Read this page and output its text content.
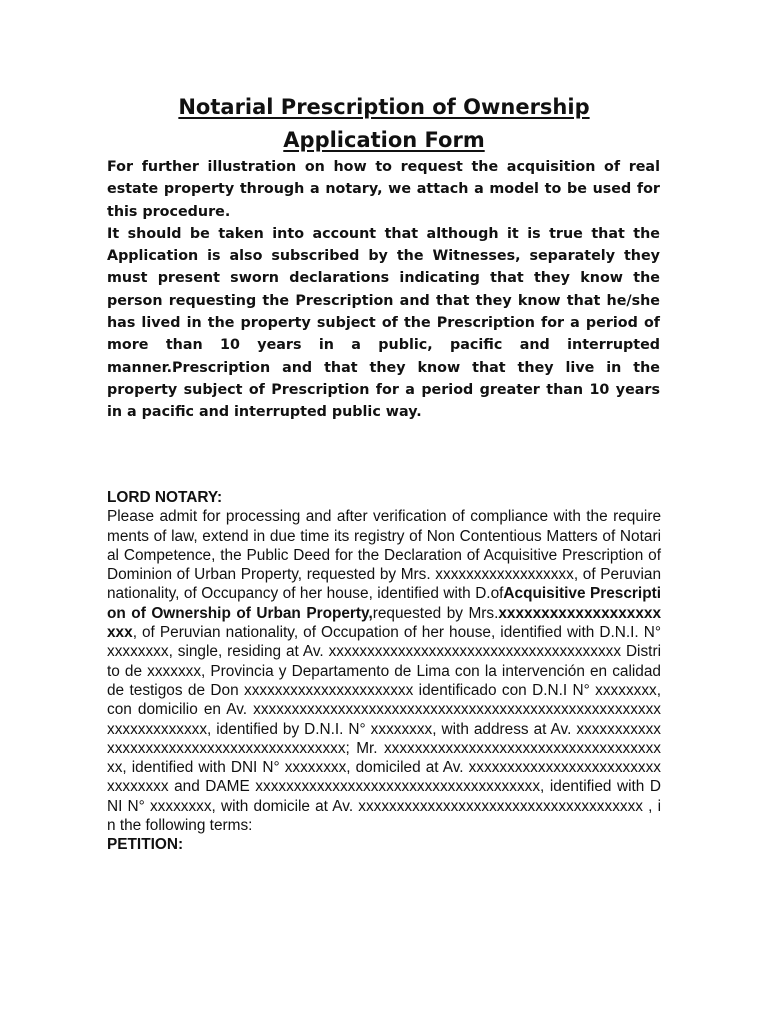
Notarial Prescription of Ownership
Application Form

For further illustration on how to request the acquisition of real estate property through a notary, we attach a model to be used for this procedure.

It should be taken into account that although it is true that the Application is also subscribed by the Witnesses, separately they must present sworn declarations indicating that they know the person requesting the Prescription and that they know that he/she has lived in the property subject of the Prescription for a period of more than 10 years in a public, pacific and interrupted manner.Prescription and that they know that they live in the property subject of Prescription for a period greater than 10 years in a pacific and interrupted public way.

LORD NOTARY:

Please admit for processing and after verification of compliance with the requirements of law, extend in due time its registry of Non Contentious Matters of Notarial Competence, the Public Deed for the Declaration of Acquisitive Prescription of Dominion of Urban Property, requested by Mrs. xxxxxxxxxxxxxxxxxx, of Peruvian nationality, of Occupancy of her house, identified with D.ofAcquisitive Prescription of Ownership of Urban Property,requested by Mrs.xxxxxxxxxxxxxxxxxxxxxx, of Peruvian nationality, of Occupation of her house, identified with D.N.I. N° xxxxxxxx, single, residing at Av. xxxxxxxxxxxxxxxxxxxxxxxxxxxxxxxxxxxxxx Distrito de xxxxxxx, Provincia y Departamento de Lima con la intervención en calidad de testigos de Don xxxxxxxxxxxxxxxxxxxxxx identificado con D.N.I N° xxxxxxxx, con domicilio en Av. xxxxxxxxxxxxxxxxxxxxxxxxxxxxxxxxxxxxxxxxxxxxxxxxxxxxxxxxxxxxxxxxxx, identified by D.N.I. N° xxxxxxxx, with address at Av. xxxxxxxxxxxxxxxxxxxxxxxxxxxxxxxxxxxxxxxxxx; Mr. xxxxxxxxxxxxxxxxxxxxxxxxxxxxxxxxxxxxxx, identified with DNI N° xxxxxxxx, domiciled at Av. xxxxxxxxxxxxxxxxxxxxxxxxxxxxxxxxx and DAME xxxxxxxxxxxxxxxxxxxxxxxxxxxxxxxxxxxxx, identified with DNI N° xxxxxxxx, with domicile at Av. xxxxxxxxxxxxxxxxxxxxxxxxxxxxxxxxxxxxx , in the following terms:

PETITION:
